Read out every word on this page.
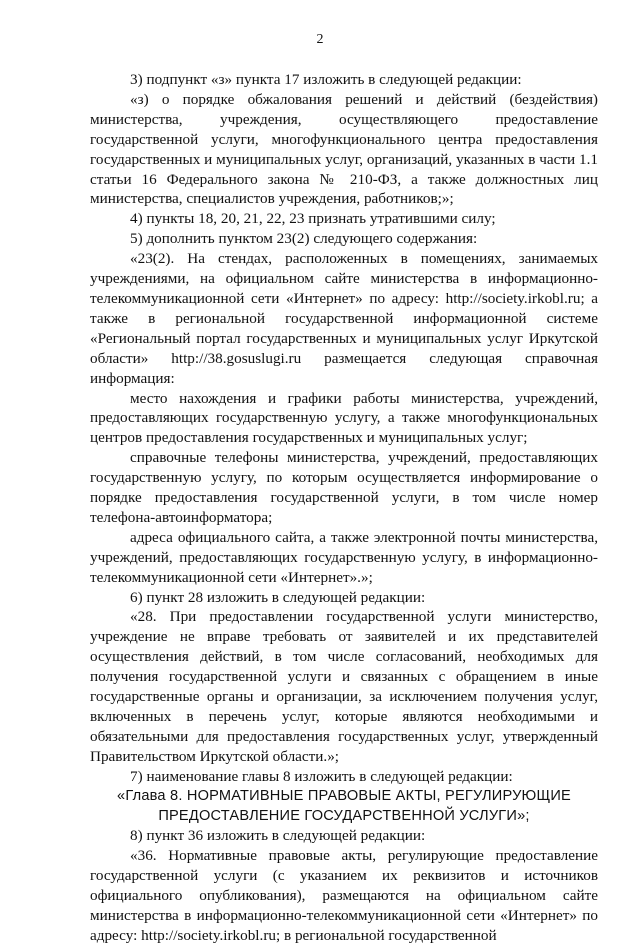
2

3) подпункт «з» пункта 17 изложить в следующей редакции:

«з) о порядке обжалования решений и действий (бездействия) министерства, учреждения, осуществляющего предоставление государственной услуги, многофункционального центра предоставления государственных и муниципальных услуг, организаций, указанных в части 1.1 статьи 16 Федерального закона № 210-ФЗ, а также должностных лиц министерства, специалистов учреждения, работников;»;

4) пункты 18, 20, 21, 22, 23 признать утратившими силу;

5) дополнить пунктом 23(2) следующего содержания:

«23(2). На стендах, расположенных в помещениях, занимаемых учреждениями, на официальном сайте министерства в информационно-телекоммуникационной сети «Интернет» по адресу: http://society.irkobl.ru; а также в региональной государственной информационной системе «Региональный портал государственных и муниципальных услуг Иркутской области» http://38.gosuslugi.ru размещается следующая справочная информация:

место нахождения и графики работы министерства, учреждений, предоставляющих государственную услугу, а также многофункциональных центров предоставления государственных и муниципальных услуг;

справочные телефоны министерства, учреждений, предоставляющих государственную услугу, по которым осуществляется информирование о порядке предоставления государственной услуги, в том числе номер телефона-автоинформатора;

адреса официального сайта, а также электронной почты министерства, учреждений, предоставляющих государственную услугу, в информационно-телекоммуникационной сети «Интернет».»;

6) пункт 28 изложить в следующей редакции:

«28. При предоставлении государственной услуги министерство, учреждение не вправе требовать от заявителей и их представителей осуществления действий, в том числе согласований, необходимых для получения государственной услуги и связанных с обращением в иные государственные органы и организации, за исключением получения услуг, включенных в перечень услуг, которые являются необходимыми и обязательными для предоставления государственных услуг, утвержденный Правительством Иркутской области.»;

7) наименование главы 8 изложить в следующей редакции:

«Глава 8. НОРМАТИВНЫЕ ПРАВОВЫЕ АКТЫ, РЕГУЛИРУЮЩИЕ

ПРЕДОСТАВЛЕНИЕ ГОСУДАРСТВЕННОЙ УСЛУГИ»;

8) пункт 36 изложить в следующей редакции:

«36. Нормативные правовые акты, регулирующие предоставление государственной услуги (с указанием их реквизитов и источников официального опубликования), размещаются на официальном сайте министерства в информационно-телекоммуникационной сети «Интернет» по адресу: http://society.irkobl.ru; в региональной государственной
